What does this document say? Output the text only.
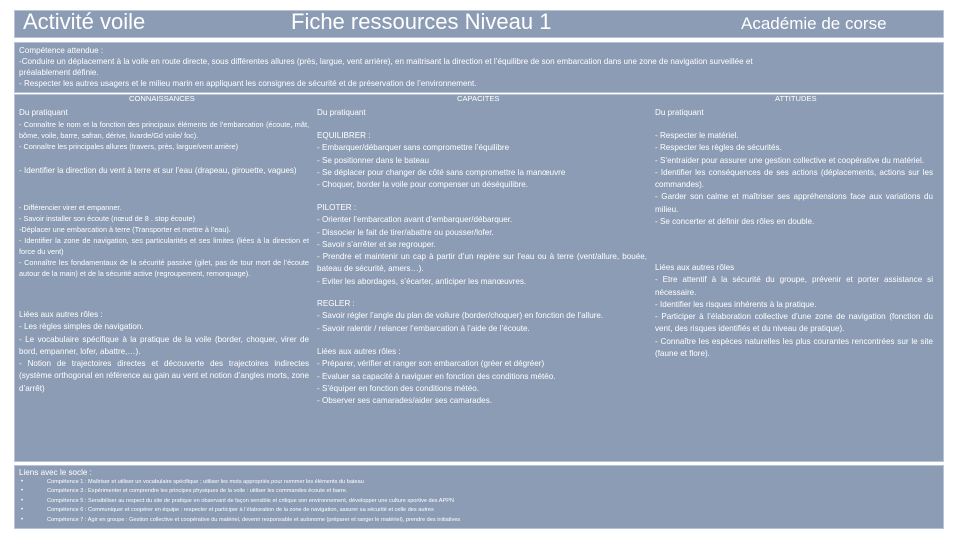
Activité voile	Fiche ressources Niveau 1	Académie de corse
Compétence attendue :
-Conduire un déplacement à la voile en route directe, sous différentes allures (près, largue, vent arrière), en maitrisant la direction et l’équilibre de son embarcation dans une zone de navigation surveillée et
préalablement définie.
- Respecter les autres usagers et le milieu marin en appliquant les consignes de sécurité et de préservation de l’environnement.
CONNAISSANCES
Du pratiquant
- Connaître le nom et la fonction des principaux éléments de l’embarcation (écoute, mât, bôme, voile, barre, safran, dérive, livarde/Gd voile/ foc).
- Connaître les principales allures (travers, près, largue/vent arrière)
- Identifier la direction du vent à terre et sur l’eau (drapeau, girouette, vagues)
- Différencier virer et empanner.
- Savoir installer son écoute (nœud de 8 . stop écoute)
-Déplacer une embarcation à terre (Transporter et mettre à l’eau).
- Identifier la zone de navigation, ses particularités et ses limites (liées à la direction et force du vent)
- Connaître les fondamentaux de la sécurité passive (gilet, pas de tour mort de l’écoute autour de la main) et de la sécurité active (regroupement, remorquage).
Liées aux autres rôles :
- Les règles simples de navigation.
- Le vocabulaire spécifique à la pratique de la voile (border, choquer, virer de bord, empanner, lofer, abattre,…).
- Notion de trajectoires directes et découverte des trajectoires indirectes (système orthogonal en référence au gain au vent et notion d’angles morts, zone d’arrêt)
CAPACITES
Du pratiquant
EQUILIBRER :
- Embarquer/débarquer sans compromettre l’équilibre
- Se positionner dans le bateau
- Se déplacer pour changer de côté sans compromettre la manœuvre
- Choquer, border la voile pour compenser un déséquilibre.
PILOTER :
- Orienter l’embarcation avant d’embarquer/débarquer.
- Dissocier le fait de tirer/abattre ou pousser/lofer.
- Savoir s’arrêter et se regrouper.
- Prendre et maintenir un cap à partir d’un repère sur l’eau ou à terre (vent/allure, bouée, bateau de sécurité, amers…).
- Eviter les abordages, s’écarter, anticiper les manœuvres.
REGLER :
- Savoir régler l’angle du plan de voilure (border/choquer) en fonction de l’allure.
- Savoir ralentir / relancer l’embarcation à l’aide de l’écoute.
Liées aux autres rôles :
- Préparer, vérifier et ranger son embarcation (gréer et dégréer)
- Evaluer sa capacité à naviguer en fonction des conditions météo.
- S’équiper en fonction des conditions météo.
- Observer ses camarades/aider ses camarades.
ATTITUDES
Du pratiquant
- Respecter le matériel.
- Respecter les règles de sécurités.
- S’entraider pour assurer une gestion collective et coopérative du matériel.
- Identifier les conséquences de ses actions (déplacements, actions sur les commandes).
- Garder son calme et maîtriser ses appréhensions face aux variations du milieu.
- Se concerter et définir des rôles en double.
Liées aux autres rôles
- Etre attentif à la sécurité du groupe, prévenir et porter assistance si nécessaire.
- Identifier les risques inhérents à la pratique.
- Participer à l’élaboration collective d’une zone de navigation (fonction du vent, des risques identifiés et du niveau de pratique).
- Connaître les espèces naturelles les plus courantes rencontrées sur le site (faune et flore).
Liens avec le socle :
•	Compétence 1 : Maîtriser et utiliser un vocabulaire spécifique ; utiliser les mots appropriés pour nommer les éléments du bateau
•	Compétence 3 : Expérimenter et comprendre les principes physiques de la voile : utiliser les commandes écoute et barre.
•	Compétence 5 : Sensibiliser au respect du site de pratique en observant de façon sensible et critique son environnement, développer une culture sportive des APPN
•	Compétence 6 : Communiquer et coopérer en équipe : respecter et participer à l’élaboration de la zone de navigation, assurer sa sécurité et celle des autres
•	Compétence 7 : Agir en groupe : Gestion collective et coopérative du matériel, devenir responsable et autonome (préparer et ranger le matériel), prendre des initiatives
